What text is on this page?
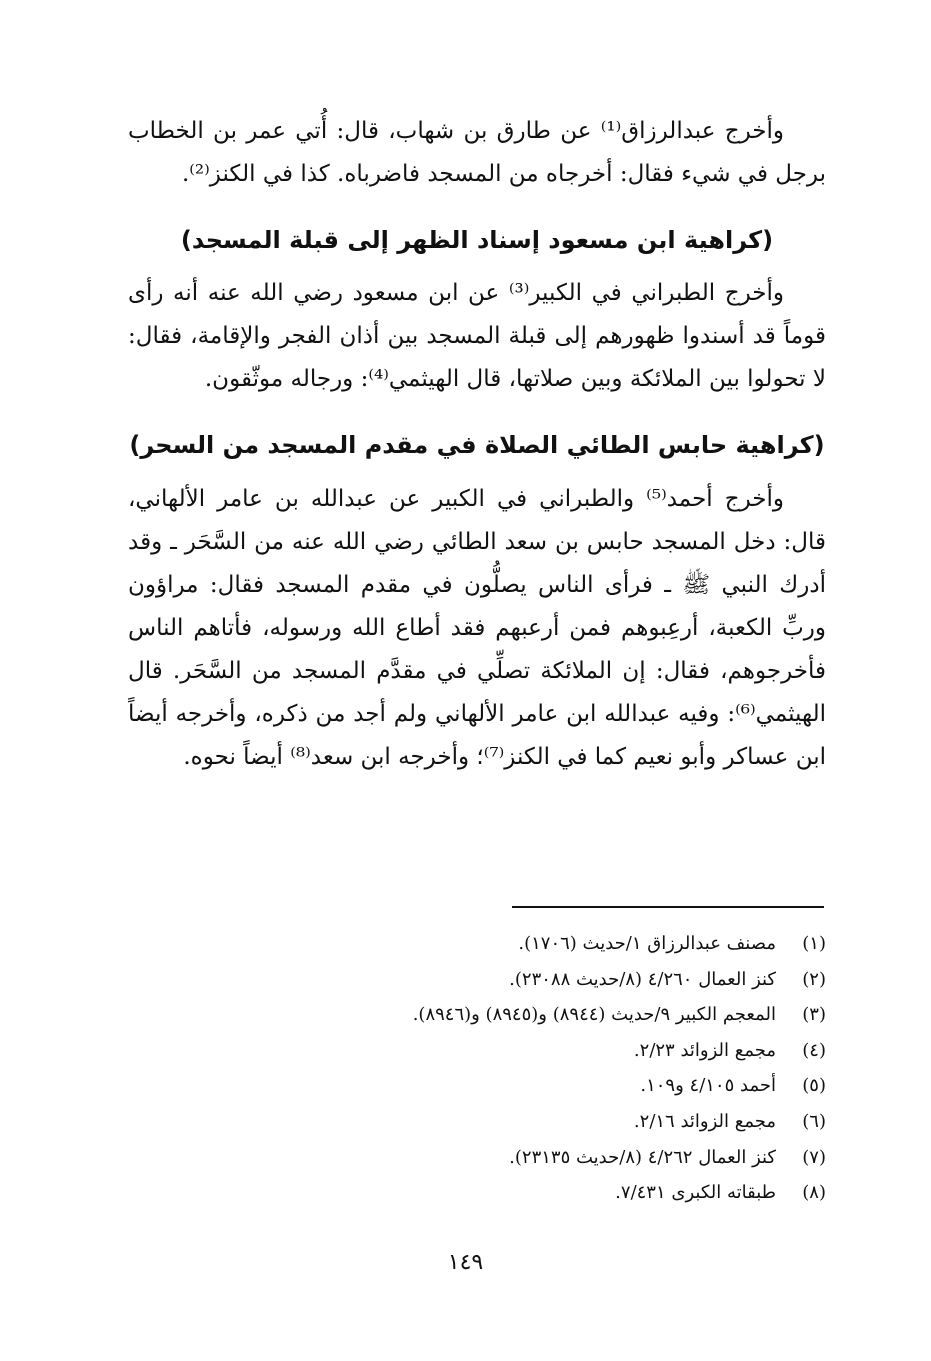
وأخرج عبدالرزاق⁽¹⁾ عن طارق بن شهاب، قال: أُتي عمر بن الخطاب برجل في شيء فقال: أخرجاه من المسجد فاضرباه. كذا في الكنز⁽²⁾.

(كراهية ابن مسعود إسناد الظهر إلى قبلة المسجد)

وأخرج الطبراني في الكبير⁽³⁾ عن ابن مسعود رضي الله عنه أنه رأى قوماً قد أسندوا ظهورهم إلى قبلة المسجد بين أذان الفجر والإقامة، فقال: لا تحولوا بين الملائكة وبين صلاتها، قال الهيثمي⁽⁴⁾: ورجاله موثّقون.

(كراهية حابس الطائي الصلاة في مقدم المسجد من السحر)

وأخرج أحمد⁽⁵⁾ والطبراني في الكبير عن عبدالله بن عامر الألهاني، قال: دخل المسجد حابس بن سعد الطائي رضي الله عنه من السَّحَر ـ وقد أدرك النبي ﷺ ـ فرأى الناس يصلُّون في مقدم المسجد فقال: مراؤون وربِّ الكعبة، أرعِبوهم فمن أرعبهم فقد أطاع الله ورسوله، فأتاهم الناس فأخرجوهم، فقال: إن الملائكة تصلِّي في مقدَّم المسجد من السَّحَر. قال الهيثمي⁽⁶⁾: وفيه عبدالله ابن عامر الألهاني ولم أجد من ذكره، وأخرجه أيضاً ابن عساكر وأبو نعيم كما في الكنز⁽⁷⁾؛ وأخرجه ابن سعد⁽⁸⁾ أيضاً نحوه.

(١)
مصنف عبدالرزاق ١/حديث (١٧٠٦).
(٢)
كنز العمال ٤/٢٦٠ (٨/حديث ٢٣٠٨٨).
(٣)
المعجم الكبير ٩/حديث (٨٩٤٤) و(٨٩٤٥) و(٨٩٤٦).
(٤)
مجمع الزوائد ٢/٢٣.
(٥)
أحمد ٤/١٠٥ و١٠٩.
(٦)
مجمع الزوائد ٢/١٦.
(٧)
كنز العمال ٤/٢٦٢ (٨/حديث ٢٣١٣٥).
(٨)
طبقاته الكبرى ٧/٤٣١.
١٤٩
